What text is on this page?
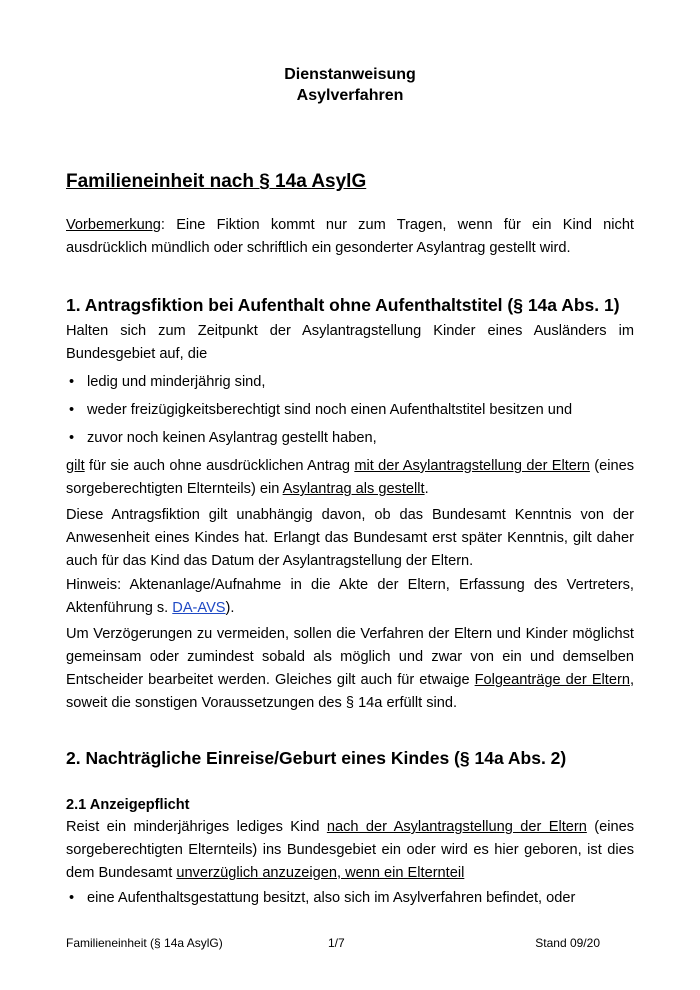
Dienstanweisung
Asylverfahren
Familieneinheit nach § 14a AsylG
Vorbemerkung: Eine Fiktion kommt nur zum Tragen, wenn für ein Kind nicht ausdrücklich mündlich oder schriftlich ein gesonderter Asylantrag gestellt wird.
1. Antragsfiktion bei Aufenthalt ohne Aufenthaltstitel (§ 14a Abs. 1)
Halten sich zum Zeitpunkt der Asylantragstellung Kinder eines Ausländers im Bundesgebiet auf, die
• ledig und minderjährig sind,
• weder freizügigkeitsberechtigt sind noch einen Aufenthaltstitel besitzen und
• zuvor noch keinen Asylantrag gestellt haben,
gilt für sie auch ohne ausdrücklichen Antrag mit der Asylantragstellung der Eltern (eines sorgeberechtigten Elternteils) ein Asylantrag als gestellt.
Diese Antragsfiktion gilt unabhängig davon, ob das Bundesamt Kenntnis von der Anwesenheit eines Kindes hat. Erlangt das Bundesamt erst später Kenntnis, gilt daher auch für das Kind das Datum der Asylantragstellung der Eltern.
Hinweis: Aktenanlage/Aufnahme in die Akte der Eltern, Erfassung des Vertreters, Aktenführung s. DA-AVS).
Um Verzögerungen zu vermeiden, sollen die Verfahren der Eltern und Kinder möglichst gemeinsam oder zumindest sobald als möglich und zwar von ein und demselben Entscheider bearbeitet werden. Gleiches gilt auch für etwaige Folgeanträge der Eltern, soweit die sonstigen Voraussetzungen des § 14a erfüllt sind.
2. Nachträgliche Einreise/Geburt eines Kindes (§ 14a Abs. 2)
2.1 Anzeigepflicht
Reist ein minderjähriges lediges Kind nach der Asylantragstellung der Eltern (eines sorgeberechtigten Elternteils) ins Bundesgebiet ein oder wird es hier geboren, ist dies dem Bundesamt unverzüglich anzuzeigen, wenn ein Elternteil
• eine Aufenthaltsgestattung besitzt, also sich im Asylverfahren befindet, oder
Familieneinheit (§ 14a AsylG)	1/7	Stand 09/20
